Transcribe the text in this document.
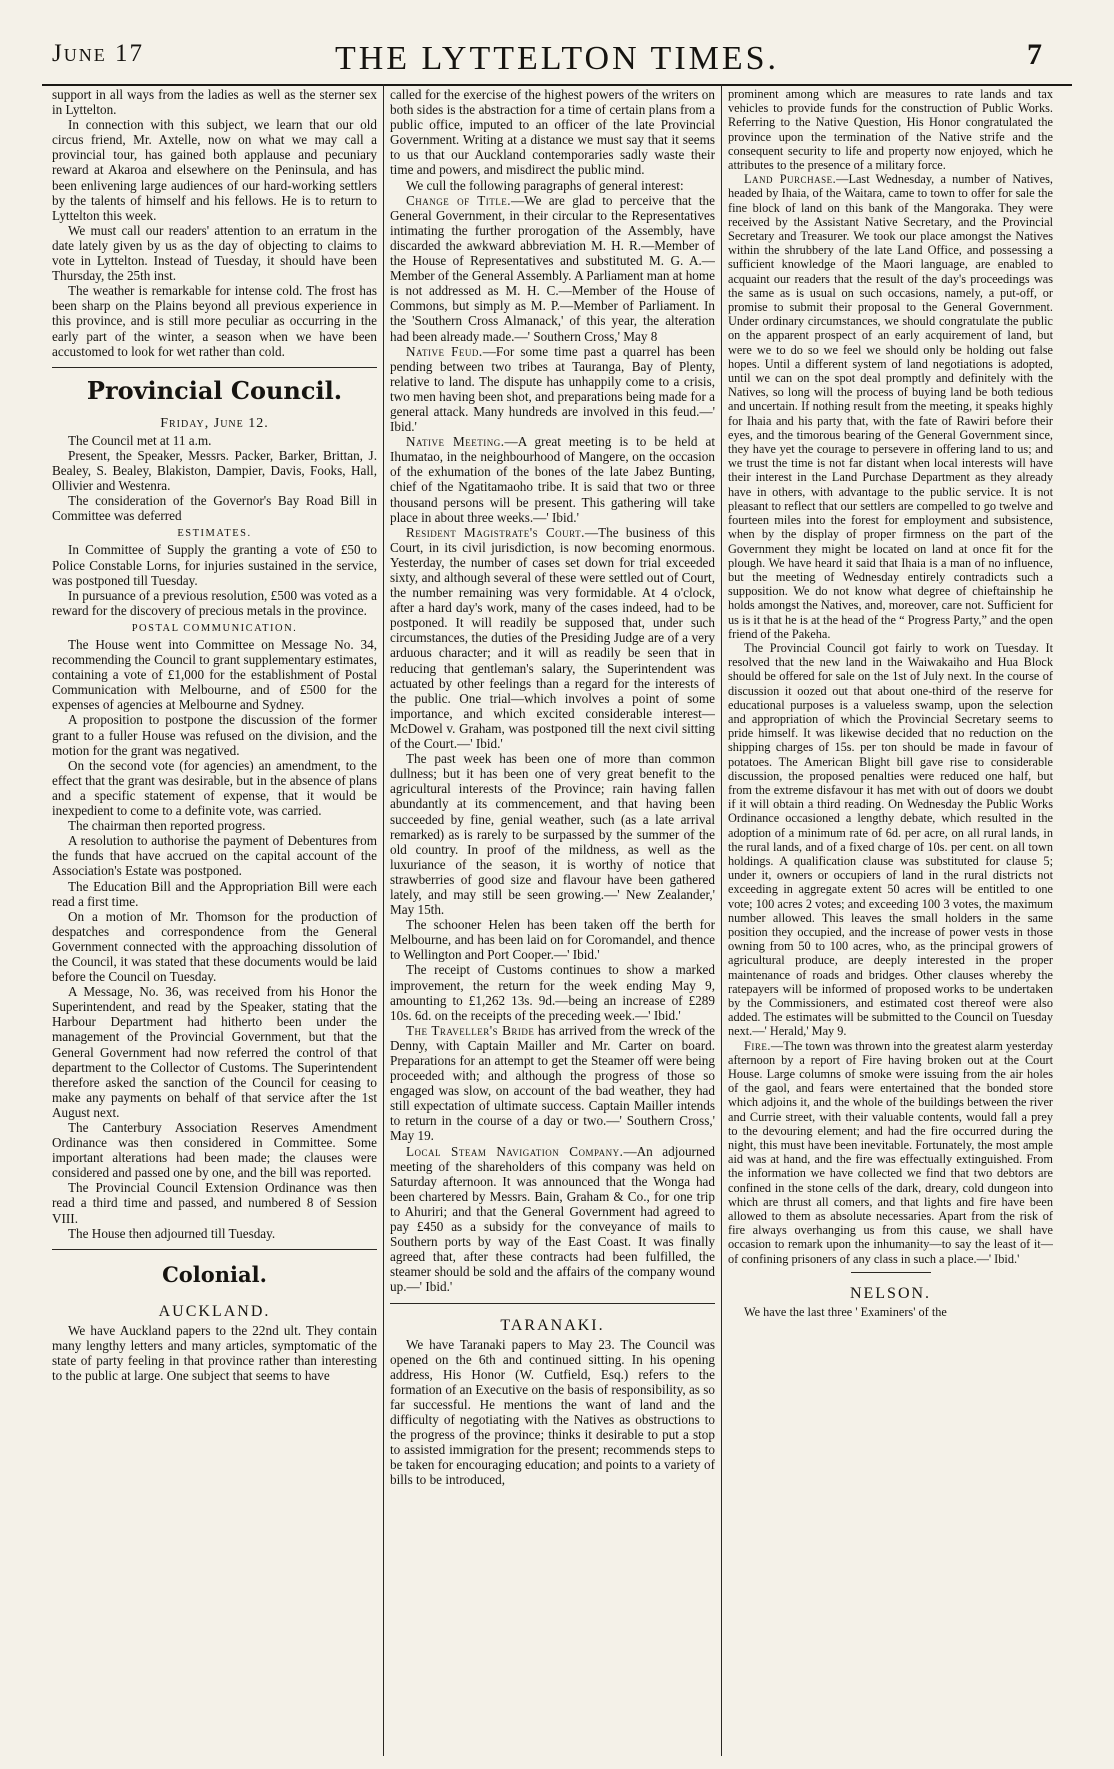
June 17	THE LYTTELTON TIMES.	7

support in all ways from the ladies as well as the sterner sex in Lyttelton.

In connection with this subject, we learn that our old circus friend, Mr. Axtelle, now on what we may call a provincial tour, has gained both applause and pecuniary reward at Akaroa and elsewhere on the Peninsula, and has been enlivening large audiences of our hard-working settlers by the talents of himself and his fellows. He is to return to Lyttelton this week.

We must call our readers' attention to an erratum in the date lately given by us as the day of objecting to claims to vote in Lyttelton. Instead of Tuesday, it should have been Thursday, the 25th inst.

The weather is remarkable for intense cold. The frost has been sharp on the Plains beyond all previous experience in this province, and is still more peculiar as occurring in the early part of the winter, a season when we have been accustomed to look for wet rather than cold.

Provincial Council.
Friday, June 12.

The Council met at 11 a.m.

Present, the Speaker, Messrs. Packer, Barker, Brittan, J. Bealey, S. Bealey, Blakiston, Dampier, Davis, Fooks, Hall, Ollivier and Westenra.

The consideration of the Governor's Bay Road Bill in Committee was deferred

ESTIMATES.

In Committee of Supply the granting a vote of £50 to Police Constable Lorns, for injuries sustained in the service, was postponed till Tuesday.

In pursuance of a previous resolution, £500 was voted as a reward for the discovery of precious metals in the province.

POSTAL COMMUNICATION.

The House went into Committee on Message No. 34, recommending the Council to grant supplementary estimates, containing a vote of £1,000 for the establishment of Postal Communication with Melbourne, and of £500 for the expenses of agencies at Melbourne and Sydney.

A proposition to postpone the discussion of the former grant to a fuller House was refused on the division, and the motion for the grant was negatived.

On the second vote (for agencies) an amendment, to the effect that the grant was desirable, but in the absence of plans and a specific statement of expense, that it would be inexpedient to come to a definite vote, was carried.

The chairman then reported progress.

A resolution to authorise the payment of Debentures from the funds that have accrued on the capital account of the Association's Estate was postponed.

The Education Bill and the Appropriation Bill were each read a first time.

On a motion of Mr. Thomson for the production of despatches and correspondence from the General Government connected with the approaching dissolution of the Council, it was stated that these documents would be laid before the Council on Tuesday.

A Message, No. 36, was received from his Honor the Superintendent, and read by the Speaker, stating that the Harbour Department had hitherto been under the management of the Provincial Government, but that the General Government had now referred the control of that department to the Collector of Customs. The Superintendent therefore asked the sanction of the Council for ceasing to make any payments on behalf of that service after the 1st August next.

The Canterbury Association Reserves Amendment Ordinance was then considered in Committee. Some important alterations had been made; the clauses were considered and passed one by one, and the bill was reported.

The Provincial Council Extension Ordinance was then read a third time and passed, and numbered 8 of Session VIII.

The House then adjourned till Tuesday.

Colonial.
AUCKLAND.

We have Auckland papers to the 22nd ult. They contain many lengthy letters and many articles, symptomatic of the state of party feeling in that province rather than interesting to the public at large. One subject that seems to have

called for the exercise of the highest powers of the writers on both sides is the abstraction for a time of certain plans from a public office, imputed to an officer of the late Provincial Government. Writing at a distance we must say that it seems to us that our Auckland contemporaries sadly waste their time and powers, and misdirect the public mind.

We cull the following paragraphs of general interest:

Change of Title.—We are glad to perceive that the General Government, in their circular to the Representatives intimating the further prorogation of the Assembly, have discarded the awkward abbreviation M. H. R.—Member of the House of Representatives and substituted M. G. A.—Member of the General Assembly. A Parliament man at home is not addressed as M. H. C.—Member of the House of Commons, but simply as M. P.—Member of Parliament. In the 'Southern Cross Almanack,' of this year, the alteration had been already made.—' Southern Cross,' May 8

Native Feud.—For some time past a quarrel has been pending between two tribes at Tauranga, Bay of Plenty, relative to land. The dispute has unhappily come to a crisis, two men having been shot, and preparations being made for a general attack. Many hundreds are involved in this feud.—' Ibid.'

Native Meeting.—A great meeting is to be held at Ihumatao, in the neighbourhood of Mangere, on the occasion of the exhumation of the bones of the late Jabez Bunting, chief of the Ngatitamaoho tribe. It is said that two or three thousand persons will be present. This gathering will take place in about three weeks.—' Ibid.'

Resident Magistrate's Court.—The business of this Court, in its civil jurisdiction, is now becoming enormous. Yesterday, the number of cases set down for trial exceeded sixty, and although several of these were settled out of Court, the number remaining was very formidable. At 4 o'clock, after a hard day's work, many of the cases indeed, had to be postponed. It will readily be supposed that, under such circumstances, the duties of the Presiding Judge are of a very arduous character; and it will as readily be seen that in reducing that gentleman's salary, the Superintendent was actuated by other feelings than a regard for the interests of the public. One trial—which involves a point of some importance, and which excited considerable interest—McDowel v. Graham, was postponed till the next civil sitting of the Court.—' Ibid.'

The past week has been one of more than common dullness; but it has been one of very great benefit to the agricultural interests of the Province; rain having fallen abundantly at its commencement, and that having been succeeded by fine, genial weather, such (as a late arrival remarked) as is rarely to be surpassed by the summer of the old country. In proof of the mildness, as well as the luxuriance of the season, it is worthy of notice that strawberries of good size and flavour have been gathered lately, and may still be seen growing.—' New Zealander,' May 15th.

The schooner Helen has been taken off the berth for Melbourne, and has been laid on for Coromandel, and thence to Wellington and Port Cooper.—' Ibid.'

The receipt of Customs continues to show a marked improvement, the return for the week ending May 9, amounting to £1,262 13s. 9d.—being an increase of £289 10s. 6d. on the receipts of the preceding week.—' Ibid.'

The Traveller's Bride has arrived from the wreck of the Denny, with Captain Mailler and Mr. Carter on board. Preparations for an attempt to get the Steamer off were being proceeded with; and although the progress of those so engaged was slow, on account of the bad weather, they had still expectation of ultimate success. Captain Mailler intends to return in the course of a day or two.—' Southern Cross,' May 19.

Local Steam Navigation Company.—An adjourned meeting of the shareholders of this company was held on Saturday afternoon. It was announced that the Wonga had been chartered by Messrs. Bain, Graham & Co., for one trip to Ahuriri; and that the General Government had agreed to pay £450 as a subsidy for the conveyance of mails to Southern ports by way of the East Coast. It was finally agreed that, after these contracts had been fulfilled, the steamer should be sold and the affairs of the company wound up.—' Ibid.'

TARANAKI.

We have Taranaki papers to May 23. The Council was opened on the 6th and continued sitting. In his opening address, His Honor (W. Cutfield, Esq.) refers to the formation of an Executive on the basis of responsibility, as so far successful. He mentions the want of land and the difficulty of negotiating with the Natives as obstructions to the progress of the province; thinks it desirable to put a stop to assisted immigration for the present; recommends steps to be taken for encouraging education; and points to a variety of bills to be introduced,

prominent among which are measures to rate lands and tax vehicles to provide funds for the construction of Public Works. Referring to the Native Question, His Honor congratulated the province upon the termination of the Native strife and the consequent security to life and property now enjoyed, which he attributes to the presence of a military force.

Land Purchase.—Last Wednesday, a number of Natives, headed by Ihaia, of the Waitara, came to town to offer for sale the fine block of land on this bank of the Mangoraka. They were received by the Assistant Native Secretary, and the Provincial Secretary and Treasurer. We took our place amongst the Natives within the shrubbery of the late Land Office, and possessing a sufficient knowledge of the Maori language, are enabled to acquaint our readers that the result of the day's proceedings was the same as is usual on such occasions, namely, a put-off, or promise to submit their proposal to the General Government. Under ordinary circumstances, we should congratulate the public on the apparent prospect of an early acquirement of land, but were we to do so we feel we should only be holding out false hopes. Until a different system of land negotiations is adopted, until we can on the spot deal promptly and definitely with the Natives, so long will the process of buying land be both tedious and uncertain. If nothing result from the meeting, it speaks highly for Ihaia and his party that, with the fate of Rawiri before their eyes, and the timorous bearing of the General Government since, they have yet the courage to persevere in offering land to us; and we trust the time is not far distant when local interests will have their interest in the Land Purchase Department as they already have in others, with advantage to the public service. It is not pleasant to reflect that our settlers are compelled to go twelve and fourteen miles into the forest for employment and subsistence, when by the display of proper firmness on the part of the Government they might be located on land at once fit for the plough. We have heard it said that Ihaia is a man of no influence, but the meeting of Wednesday entirely contradicts such a supposition. We do not know what degree of chieftainship he holds amongst the Natives, and, moreover, care not. Sufficient for us is it that he is at the head of the “ Progress Party,” and the open friend of the Pakeha.

The Provincial Council got fairly to work on Tuesday. It resolved that the new land in the Waiwakaiho and Hua Block should be offered for sale on the 1st of July next. In the course of discussion it oozed out that about one-third of the reserve for educational purposes is a valueless swamp, upon the selection and appropriation of which the Provincial Secretary seems to pride himself. It was likewise decided that no reduction on the shipping charges of 15s. per ton should be made in favour of potatoes. The American Blight bill gave rise to considerable discussion, the proposed penalties were reduced one half, but from the extreme disfavour it has met with out of doors we doubt if it will obtain a third reading. On Wednesday the Public Works Ordinance occasioned a lengthy debate, which resulted in the adoption of a minimum rate of 6d. per acre, on all rural lands, in the rural lands, and of a fixed charge of 10s. per cent. on all town holdings. A qualification clause was substituted for clause 5; under it, owners or occupiers of land in the rural districts not exceeding in aggregate extent 50 acres will be entitled to one vote; 100 acres 2 votes; and exceeding 100 3 votes, the maximum number allowed. This leaves the small holders in the same position they occupied, and the increase of power vests in those owning from 50 to 100 acres, who, as the principal growers of agricultural produce, are deeply interested in the proper maintenance of roads and bridges. Other clauses whereby the ratepayers will be informed of proposed works to be undertaken by the Commissioners, and estimated cost thereof were also added. The estimates will be submitted to the Council on Tuesday next.—' Herald,' May 9.

Fire.—The town was thrown into the greatest alarm yesterday afternoon by a report of Fire having broken out at the Court House. Large columns of smoke were issuing from the air holes of the gaol, and fears were entertained that the bonded store which adjoins it, and the whole of the buildings between the river and Currie street, with their valuable contents, would fall a prey to the devouring element; and had the fire occurred during the night, this must have been inevitable. Fortunately, the most ample aid was at hand, and the fire was effectually extinguished. From the information we have collected we find that two debtors are confined in the stone cells of the dark, dreary, cold dungeon into which are thrust all comers, and that lights and fire have been allowed to them as absolute necessaries. Apart from the risk of fire always overhanging us from this cause, we shall have occasion to remark upon the inhumanity—to say the least of it—of confining prisoners of any class in such a place.—' Ibid.'

NELSON.

We have the last three ' Examiners' of the
